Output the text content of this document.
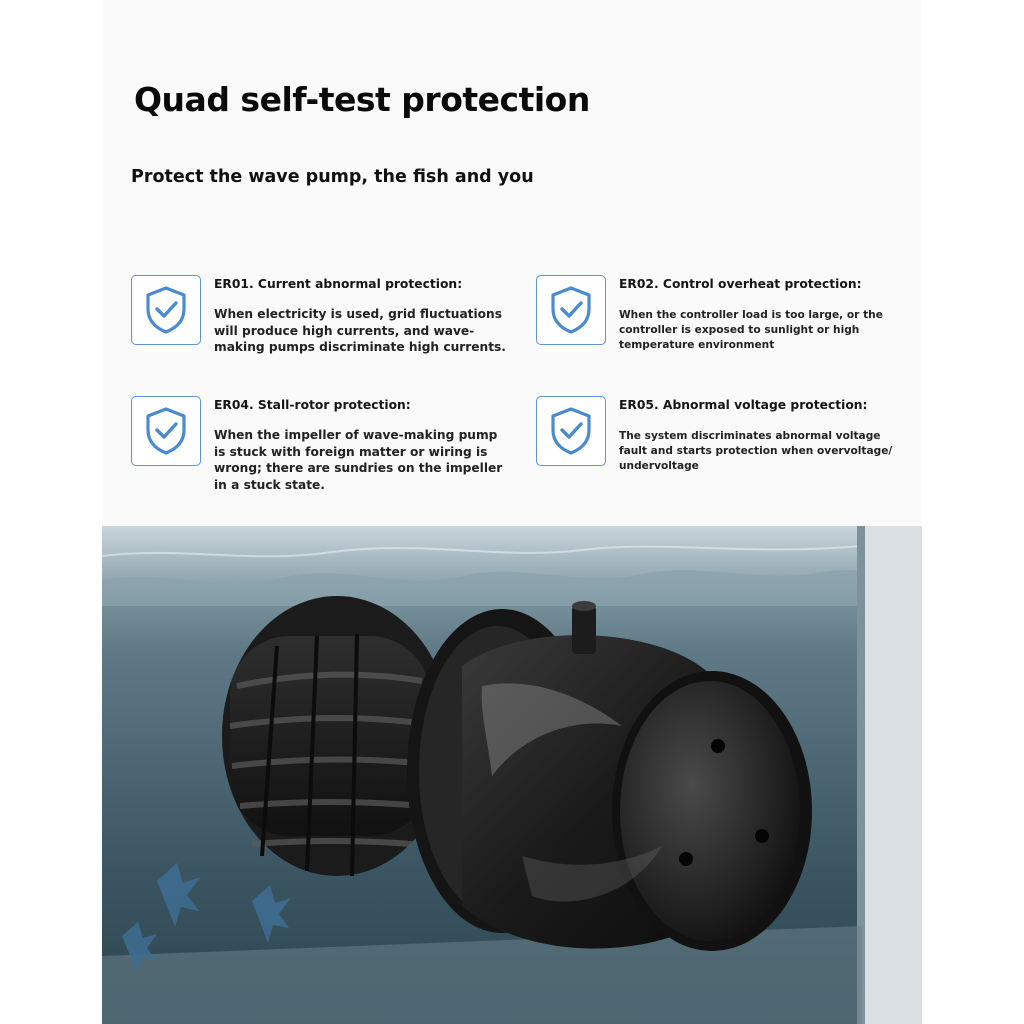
Quad self-test protection
Protect the wave pump, the fish and you

ER01. Current abnormal protection:

When electricity is used, grid fluctuations
will produce high currents, and wave-
making pumps discriminate high currents.

ER02. Control overheat protection:

When the controller load is too large, or the
controller is exposed to sunlight or high
temperature environment

ER04. Stall-rotor protection:

When the impeller of wave-making pump
is stuck with foreign matter or wiring is
wrong; there are sundries on the impeller
in a stuck state.

ER05. Abnormal voltage protection:

The system discriminates abnormal voltage
fault and starts protection when overvoltage/
undervoltage
